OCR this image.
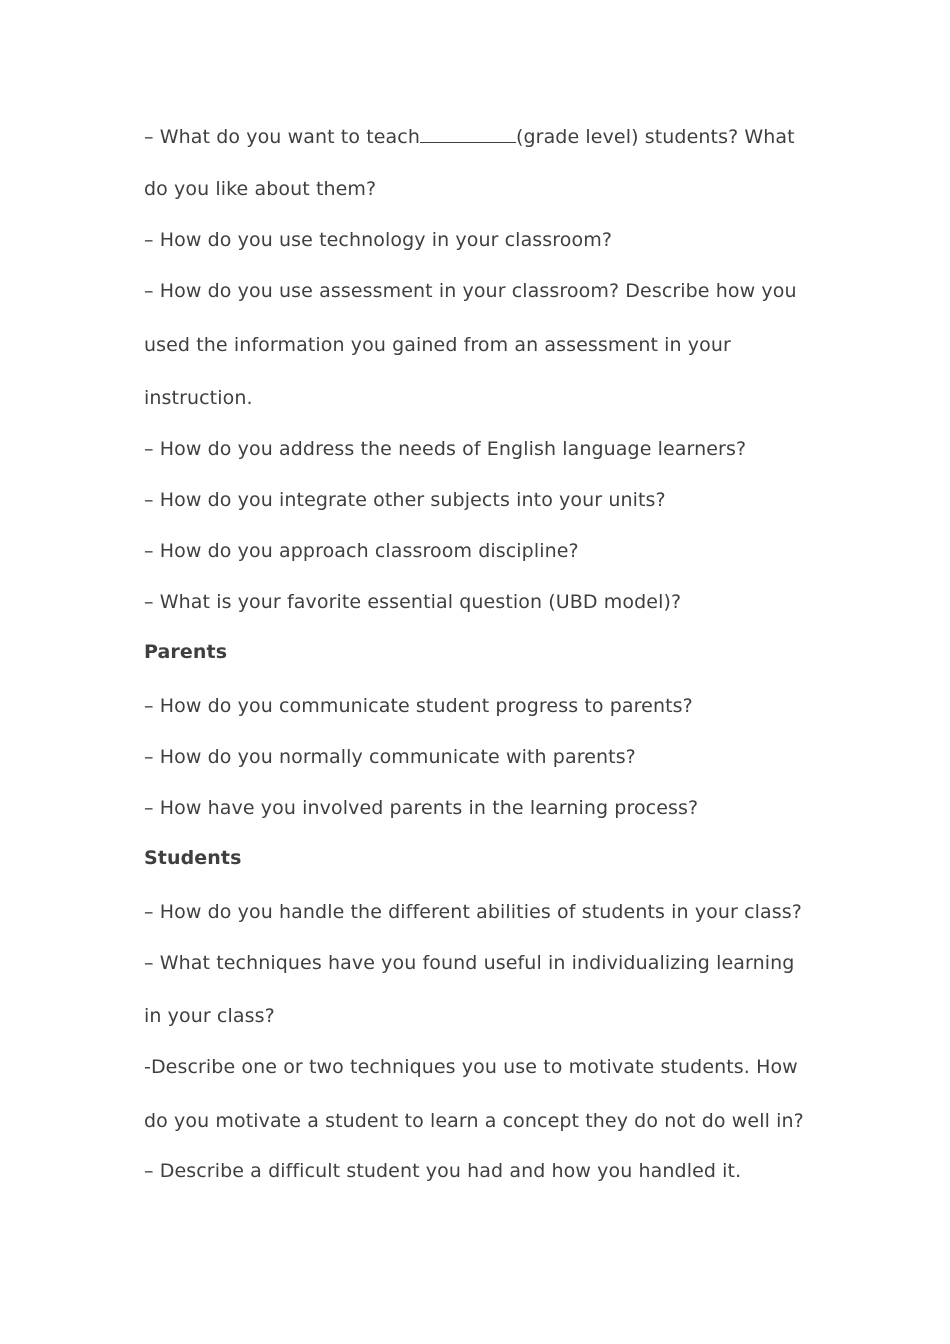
– What do you want to teach	(grade level) students? What
do you like about them?
– How do you use technology in your classroom?
– How do you use assessment in your classroom? Describe how you
used the information you gained from an assessment in your
instruction.
– How do you address the needs of English language learners?
– How do you integrate other subjects into your units?
– How do you approach classroom discipline?
– What is your favorite essential question (UBD model)?
Parents
– How do you communicate student progress to parents?
– How do you normally communicate with parents?
– How have you involved parents in the learning process?
Students
– How do you handle the different abilities of students in your class?
– What techniques have you found useful in individualizing learning
in your class?
-Describe one or two techniques you use to motivate students. How
do you motivate a student to learn a concept they do not do well in?
– Describe a difficult student you had and how you handled it.
